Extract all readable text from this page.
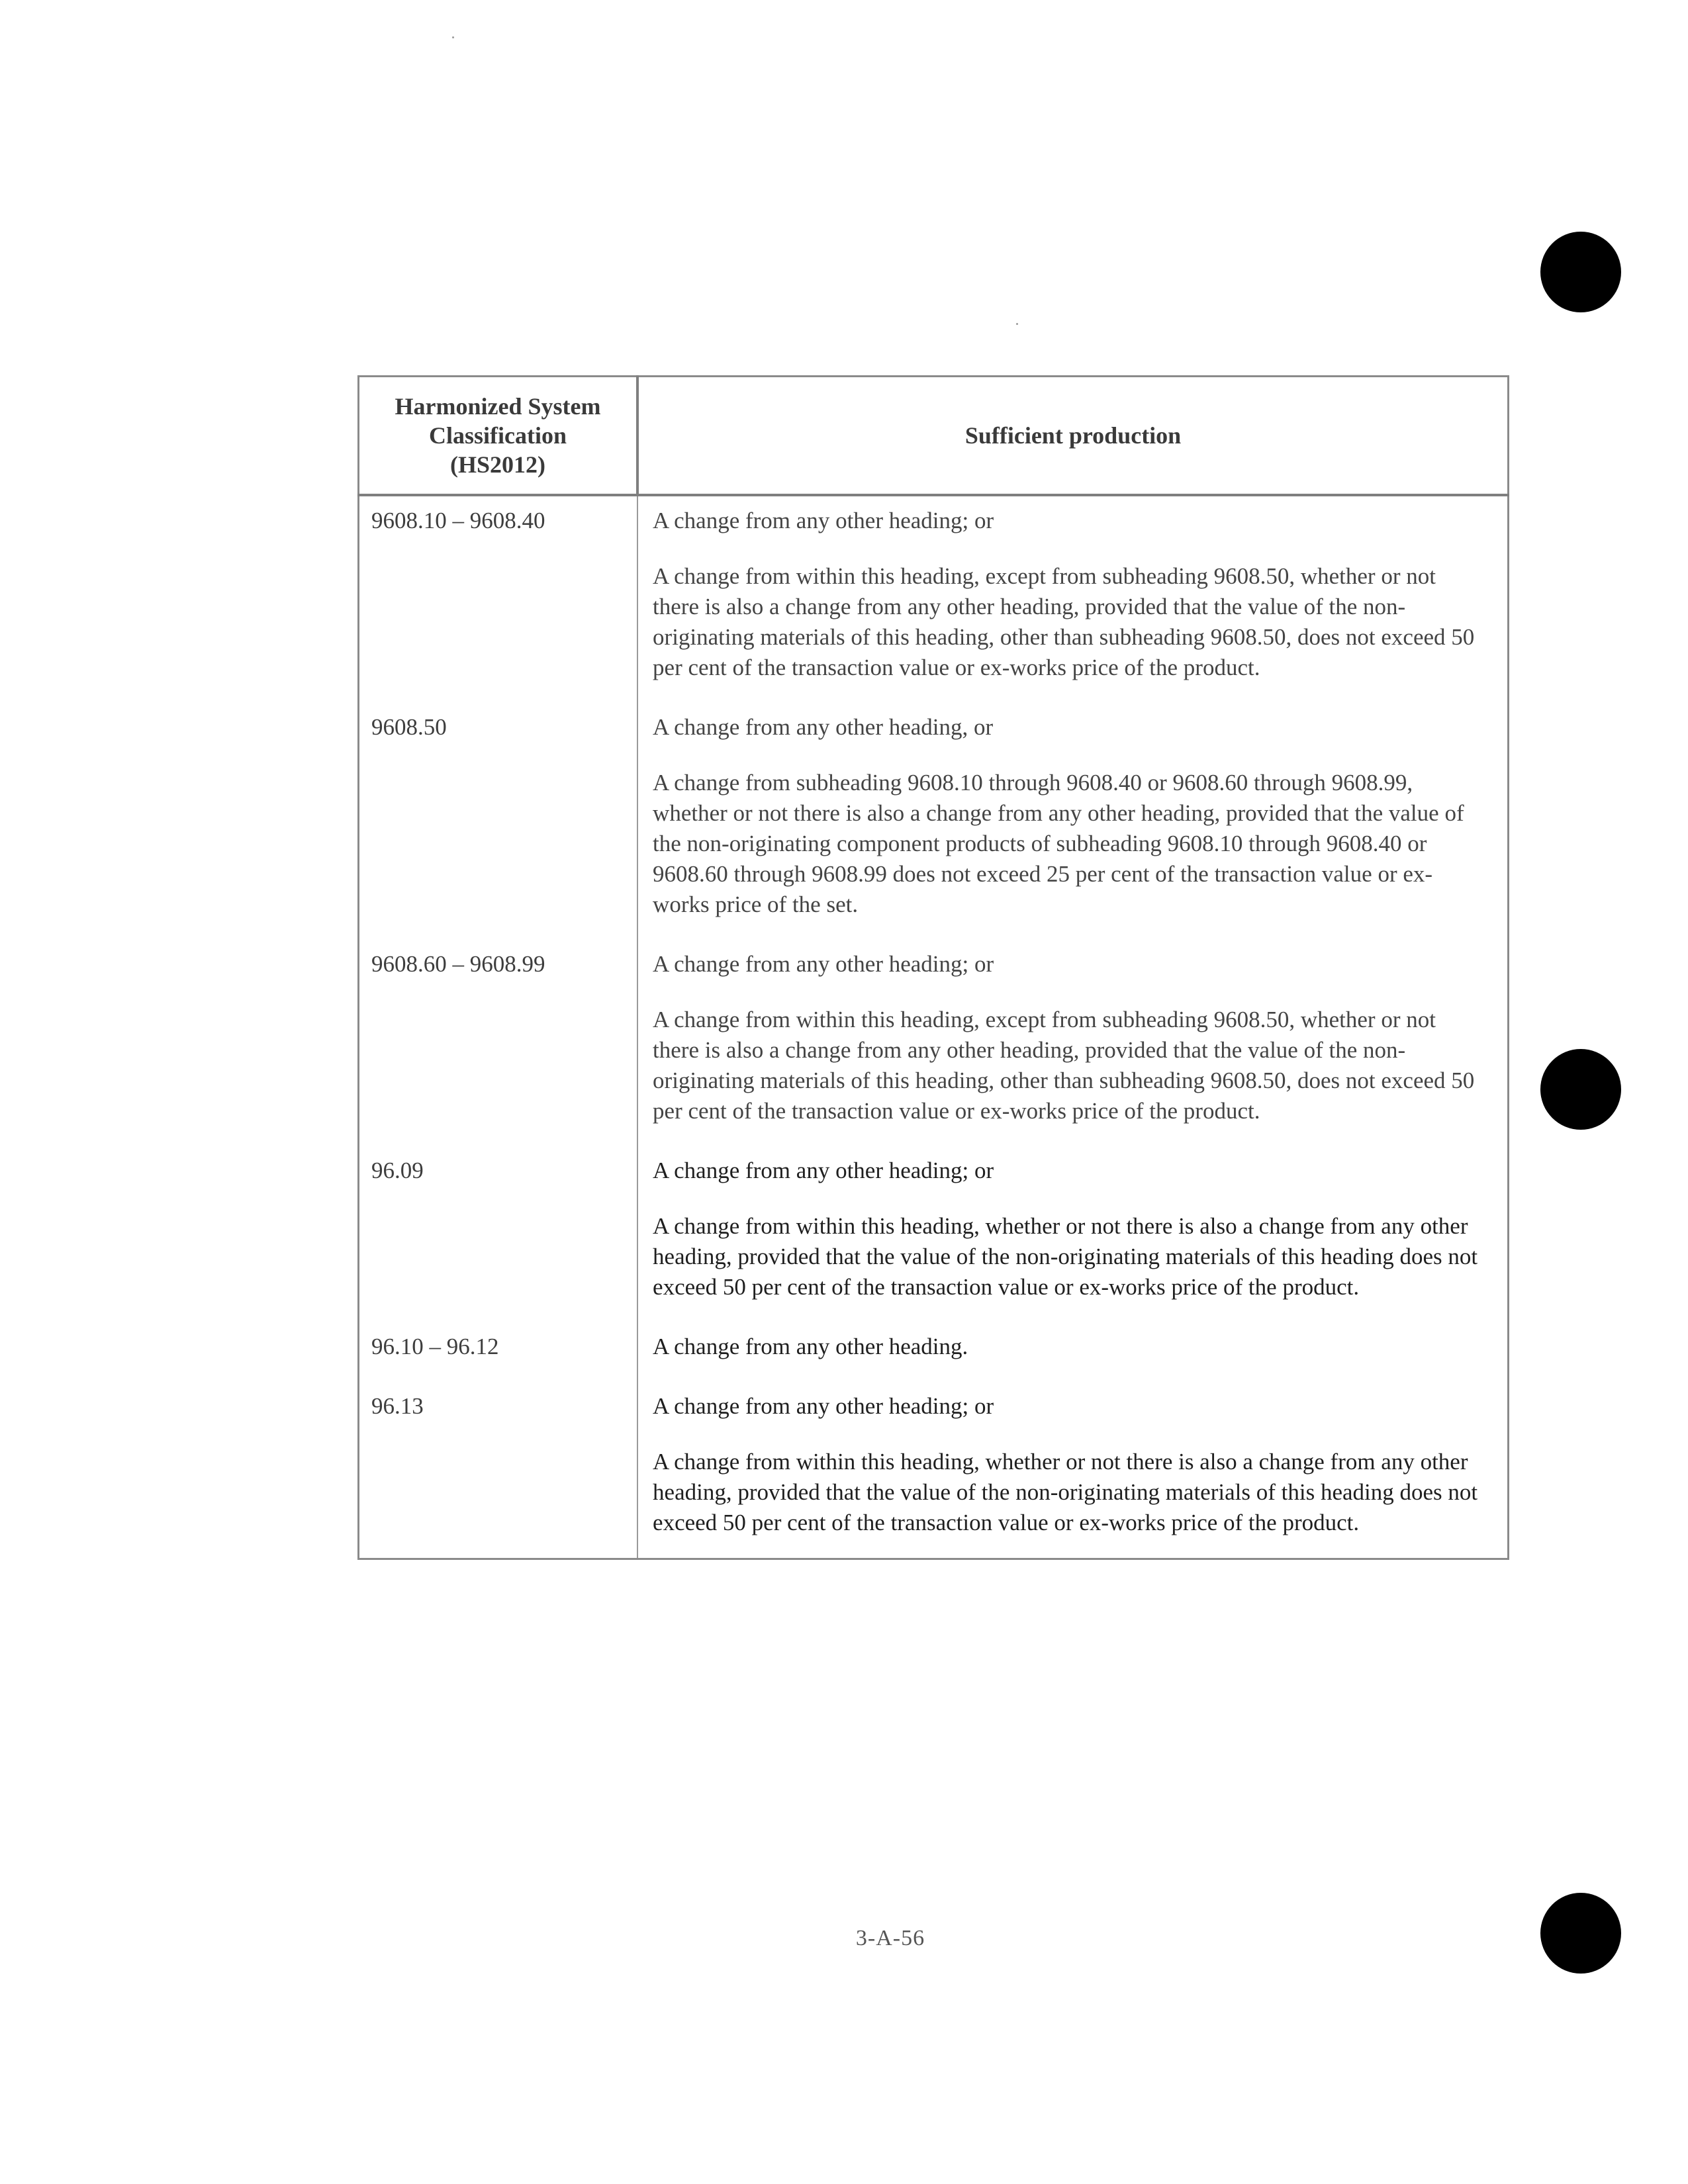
Harmonized System
Classification
(HS2012)	Sufficient production
9608.10 – 9608.40	A change from any other heading; or

A change from within this heading, except from subheading 9608.50, whether or not there is also a change from any other heading, provided that the value of the non-originating materials of this heading, other than subheading 9608.50, does not exceed 50 per cent of the transaction value or ex-works price of the product.

9608.50	A change from any other heading, or

A change from subheading 9608.10 through 9608.40 or 9608.60 through 9608.99, whether or not there is also a change from any other heading, provided that the value of the non-originating component products of subheading 9608.10 through 9608.40 or 9608.60 through 9608.99 does not exceed 25 per cent of the transaction value or ex-works price of the set.

9608.60 – 9608.99	A change from any other heading; or

A change from within this heading, except from subheading 9608.50, whether or not there is also a change from any other heading, provided that the value of the non-originating materials of this heading, other than subheading 9608.50, does not exceed 50 per cent of the transaction value or ex-works price of the product.

96.09	A change from any other heading; or

A change from within this heading, whether or not there is also a change from any other heading, provided that the value of the non-originating materials of this heading does not exceed 50 per cent of the transaction value or ex-works price of the product.

96.10 – 96.12	A change from any other heading.

96.13	A change from any other heading; or

A change from within this heading, whether or not there is also a change from any other heading, provided that the value of the non-originating materials of this heading does not exceed 50 per cent of the transaction value or ex-works price of the product.

3-A-56
